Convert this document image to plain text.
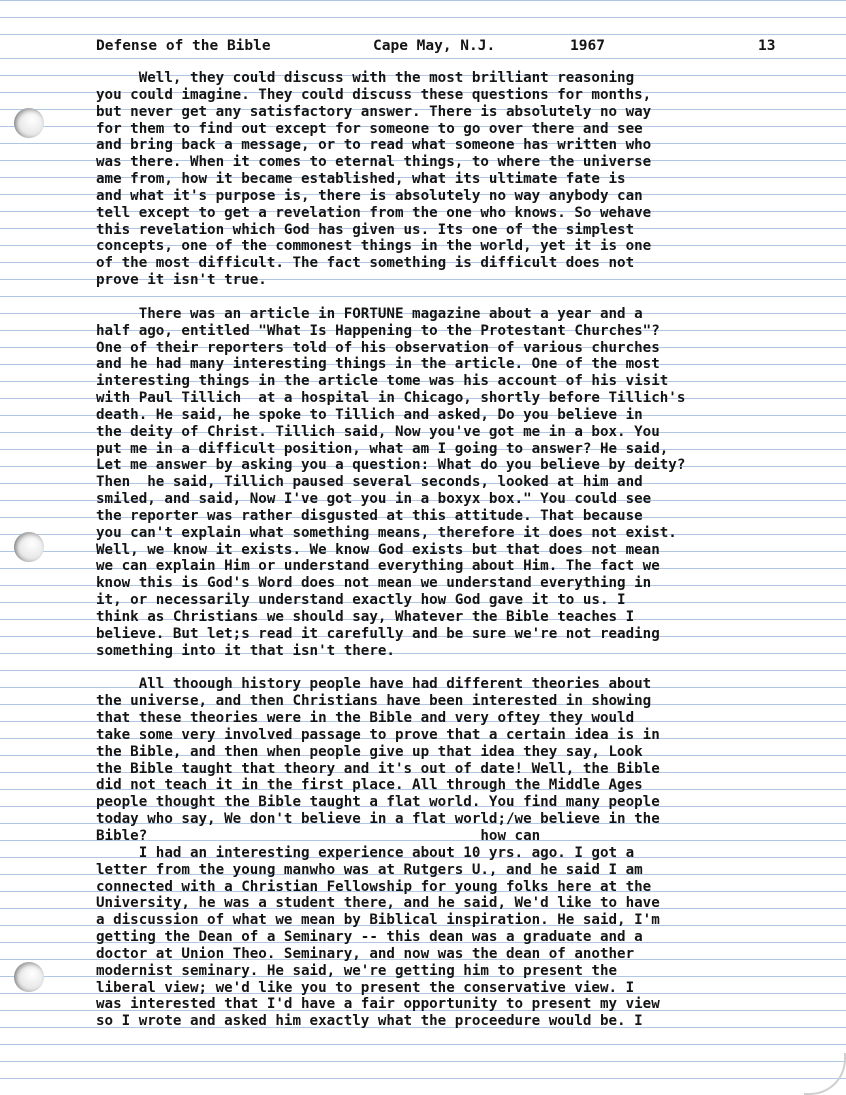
Defense of the Bible	Cape May, N.J.	1967	13
Well, they could discuss with the most brilliant reasoning
you could imagine. They could discuss these questions for months,
but never get any satisfactory answer. There is absolutely no way
for them to find out except for someone to go over there and see
and bring back a message, or to read what someone has written who
was there. When it comes to eternal things, to where the universe
ame from, how it became established, what its ultimate fate is
and what it's purpose is, there is absolutely no way anybody can
tell except to get a revelation from the one who knows. So wehave
this revelation which God has given us. Its one of the simplest
concepts, one of the commonest things in the world, yet it is one
of the most difficult. The fact something is difficult does not
prove it isn't true.
There was an article in FORTUNE magazine about a year and a
half ago, entitled "What Is Happening to the Protestant Churches"?
One of their reporters told of his observation of various churches
and he had many interesting things in the article. One of the most
interesting things in the article tome was his account of his visit
with Paul Tillich  at a hospital in Chicago, shortly before Tillich's
death. He said, he spoke to Tillich and asked, Do you believe in
the deity of Christ. Tillich said, Now you've got me in a box. You
put me in a difficult position, what am I going to answer? He said,
Let me answer by asking you a question: What do you believe by deity?
Then  he said, Tillich paused several seconds, looked at him and
smiled, and said, Now I've got you in a boxyx box." You could see
the reporter was rather disgusted at this attitude. That because
you can't explain what something means, therefore it does not exist.
Well, we know it exists. We know God exists but that does not mean
we can explain Him or understand everything about Him. The fact we
know this is God's Word does not mean we understand everything in
it, or necessarily understand exactly how God gave it to us. I
think as Christians we should say, Whatever the Bible teaches I
believe. But let;s read it carefully and be sure we're not reading
something into it that isn't there.
All thoough history people have had different theories about
the universe, and then Christians have been interested in showing
that these theories were in the Bible and very oftey they would
take some very involved passage to prove that a certain idea is in
the Bible, and then when people give up that idea they say, Look
the Bible taught that theory and it's out of date! Well, the Bible
did not teach it in the first place. All through the Middle Ages
people thought the Bible taught a flat world. You find many people
today who say, We don't believe in a flat world;/we believe in the
Bible?                                       how can
I had an interesting experience about 10 yrs. ago. I got a
letter from the young manwho was at Rutgers U., and he said I am
connected with a Christian Fellowship for young folks here at the
University, he was a student there, and he said, We'd like to have
a discussion of what we mean by Biblical inspiration. He said, I'm
getting the Dean of a Seminary -- this dean was a graduate and a
doctor at Union Theo. Seminary, and now was the dean of another
modernist seminary. He said, we're getting him to present the
liberal view; we'd like you to present the conservative view. I
was interested that I'd have a fair opportunity to present my view
so I wrote and asked him exactly what the proceedure would be. I
